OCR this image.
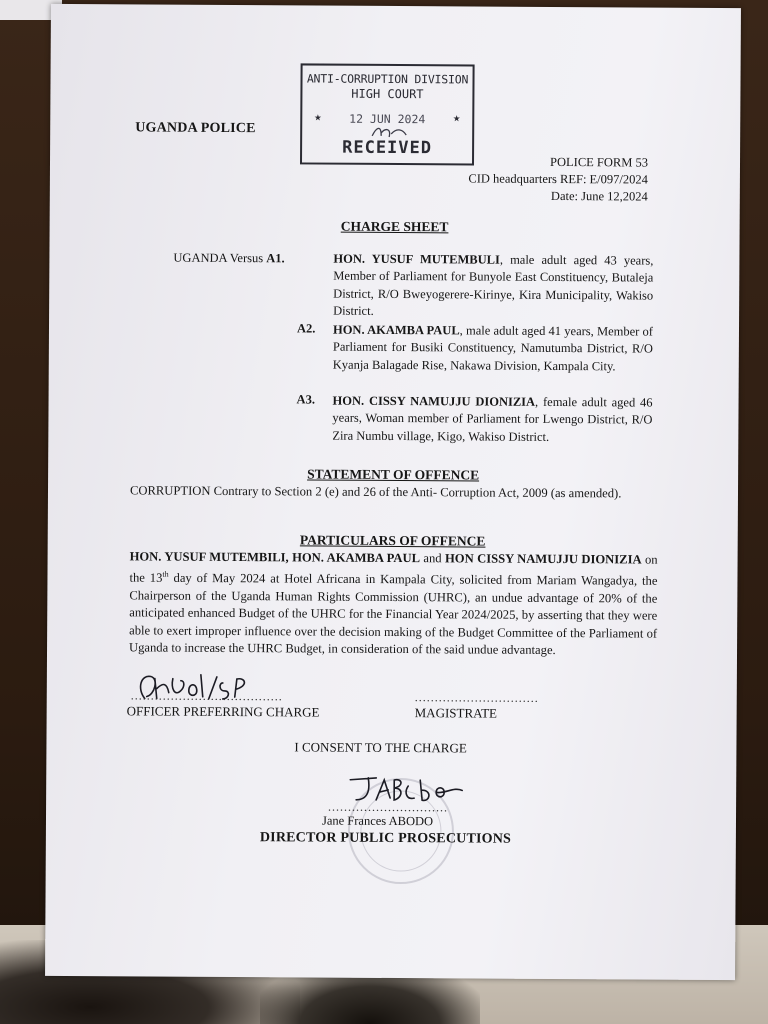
UGANDA POLICE
ANTI-CORRUPTION DIVISION
HIGH COURT
★	12 JUN 2024	★
RECEIVED
POLICE FORM 53
CID headquarters REF: E/097/2024
Date: June 12,2024
CHARGE SHEET
UGANDA Versus A1.	HON. YUSUF MUTEMBULI, male adult aged 43 years, Member of Parliament for Bunyole East Constituency, Butaleja District, R/O Bweyogerere-Kirinye, Kira Municipality, Wakiso District.
A2. HON. AKAMBA PAUL, male adult aged 41 years, Member of Parliament for Busiki Constituency, Namutumba District, R/O Kyanja Balagade Rise, Nakawa Division, Kampala City.
A3. HON. CISSY NAMUJJU DIONIZIA, female adult aged 46 years, Woman member of Parliament for Lwengo District, R/O Zira Numbu village, Kigo, Wakiso District.
STATEMENT OF OFFENCE
CORRUPTION Contrary to Section 2 (e) and 26 of the Anti- Corruption Act, 2009 (as amended).
PARTICULARS OF OFFENCE
HON. YUSUF MUTEMBILI, HON. AKAMBA PAUL and HON CISSY NAMUJJU DIONIZIA on the 13th day of May 2024 at Hotel Africana in Kampala City, solicited from Mariam Wangadya, the Chairperson of the Uganda Human Rights Commission (UHRC), an undue advantage of 20% of the anticipated enhanced Budget of the UHRC for the Financial Year 2024/2025, by asserting that they were able to exert improper influence over the decision making of the Budget Committee of the Parliament of Uganda to increase the UHRC Budget, in consideration of the said undue advantage.
......................................
OFFICER PREFERRING CHARGE
...............................
MAGISTRATE
I CONSENT TO THE CHARGE
..............................
Jane Frances ABODO
DIRECTOR PUBLIC PROSECUTIONS
